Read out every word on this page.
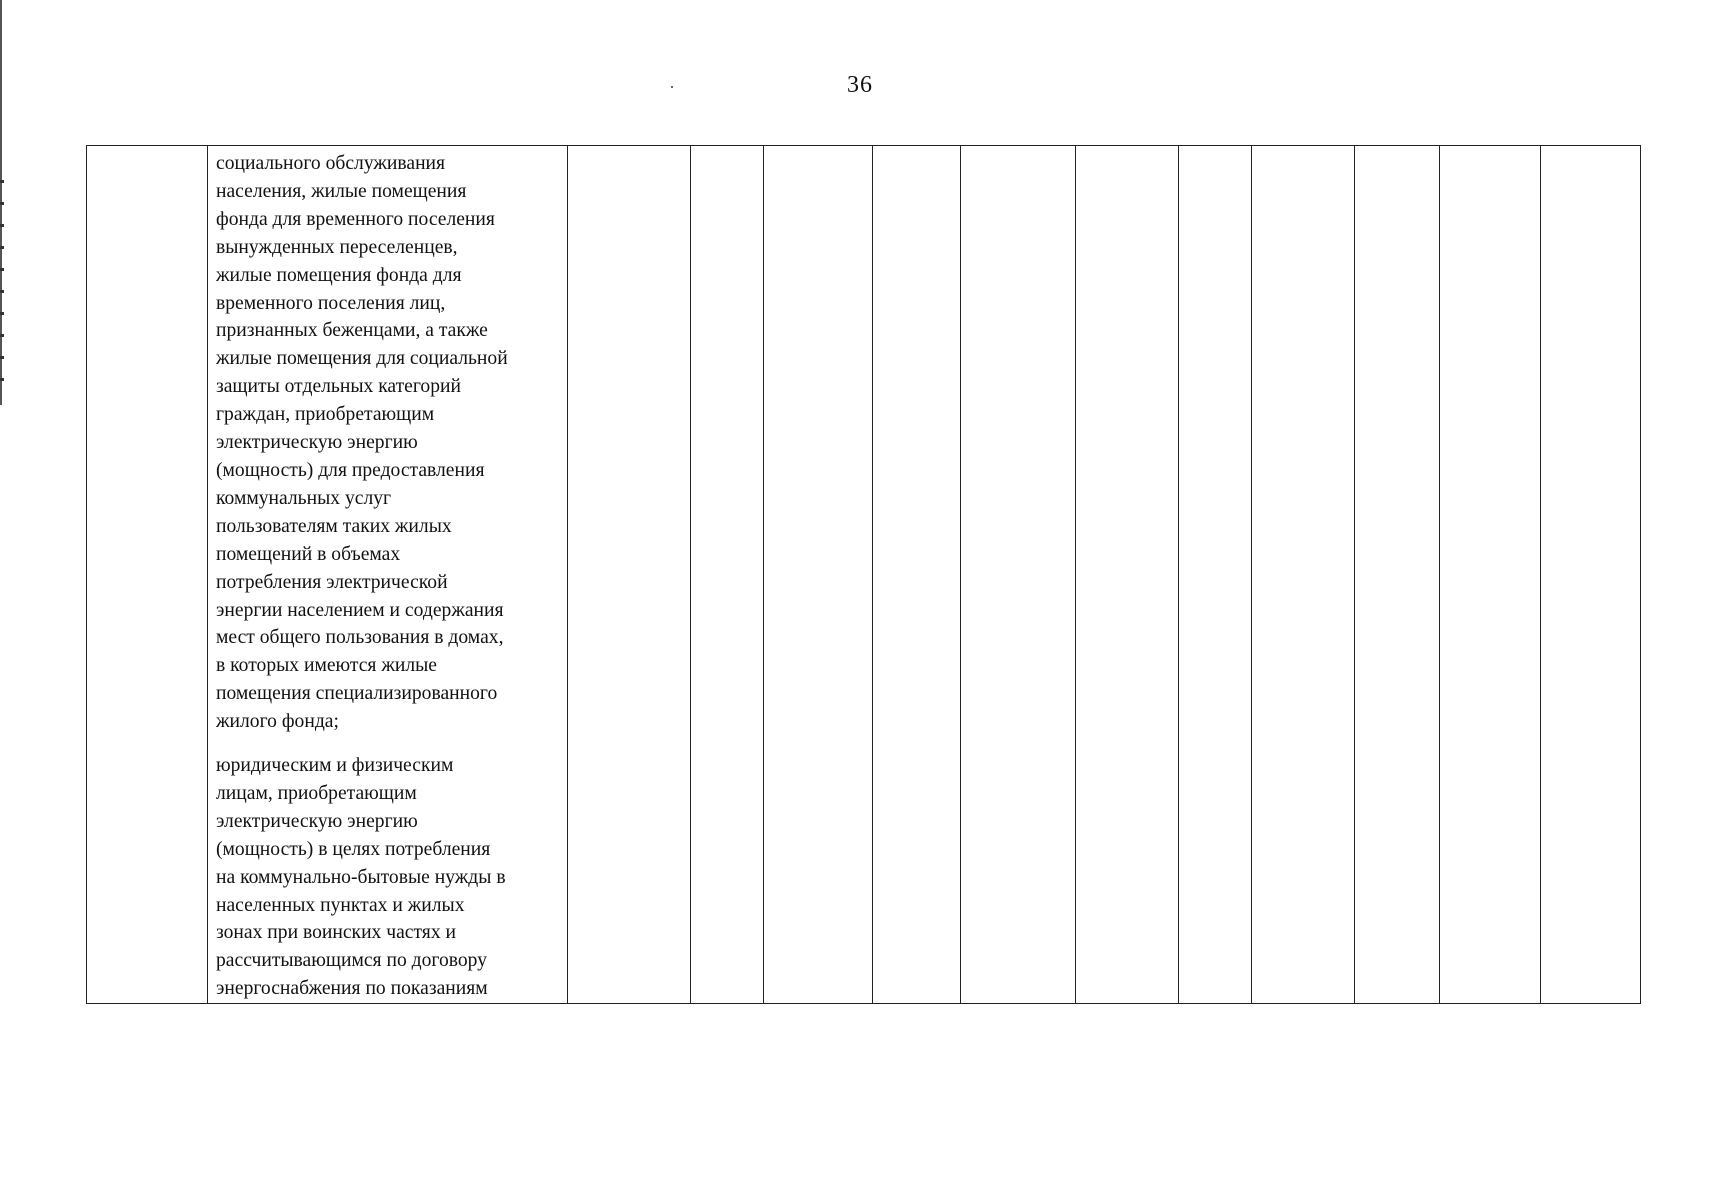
36

социального обслуживания
населения, жилые помещения
фонда для временного поселения
вынужденных переселенцев,
жилые помещения фонда для
временного поселения лиц,
признанных беженцами, а также
жилые помещения для социальной
защиты отдельных категорий
граждан, приобретающим
электрическую энергию
(мощность) для предоставления
коммунальных услуг
пользователям таких жилых
помещений в объемах
потребления электрической
энергии населением и содержания
мест общего пользования в домах,
в которых имеются жилые
помещения специализированного
жилого фонда;

юридическим и физическим
лицам, приобретающим
электрическую энергию
(мощность) в целях потребления
на коммунально-бытовые нужды в
населенных пунктах и жилых
зонах при воинских частях и
рассчитывающимся по договору
энергоснабжения по показаниям
